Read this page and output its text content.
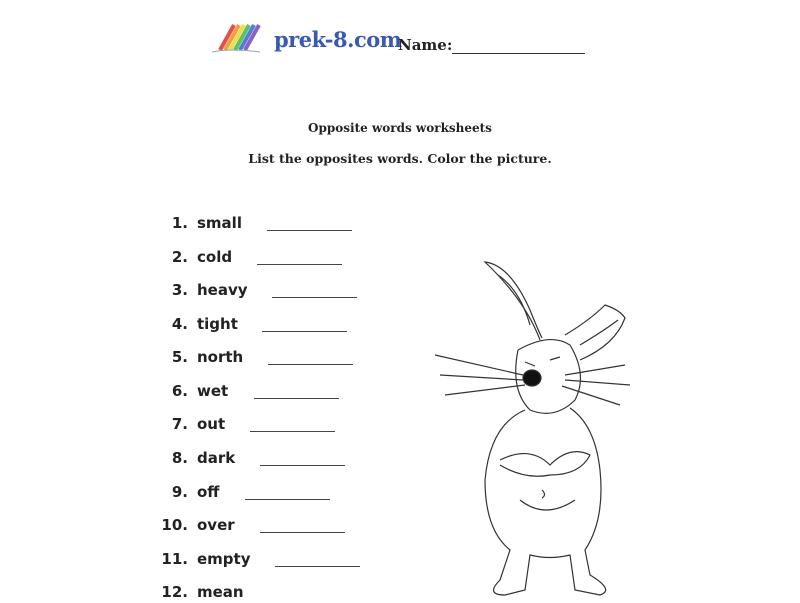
prek-8.com
Name:
Opposite words worksheets
List the opposites words. Color the picture.
1. small
2. cold
3. heavy
4. tight
5. north
6. wet
7. out
8. dark
9. off
10. over
11. empty
12. mean
